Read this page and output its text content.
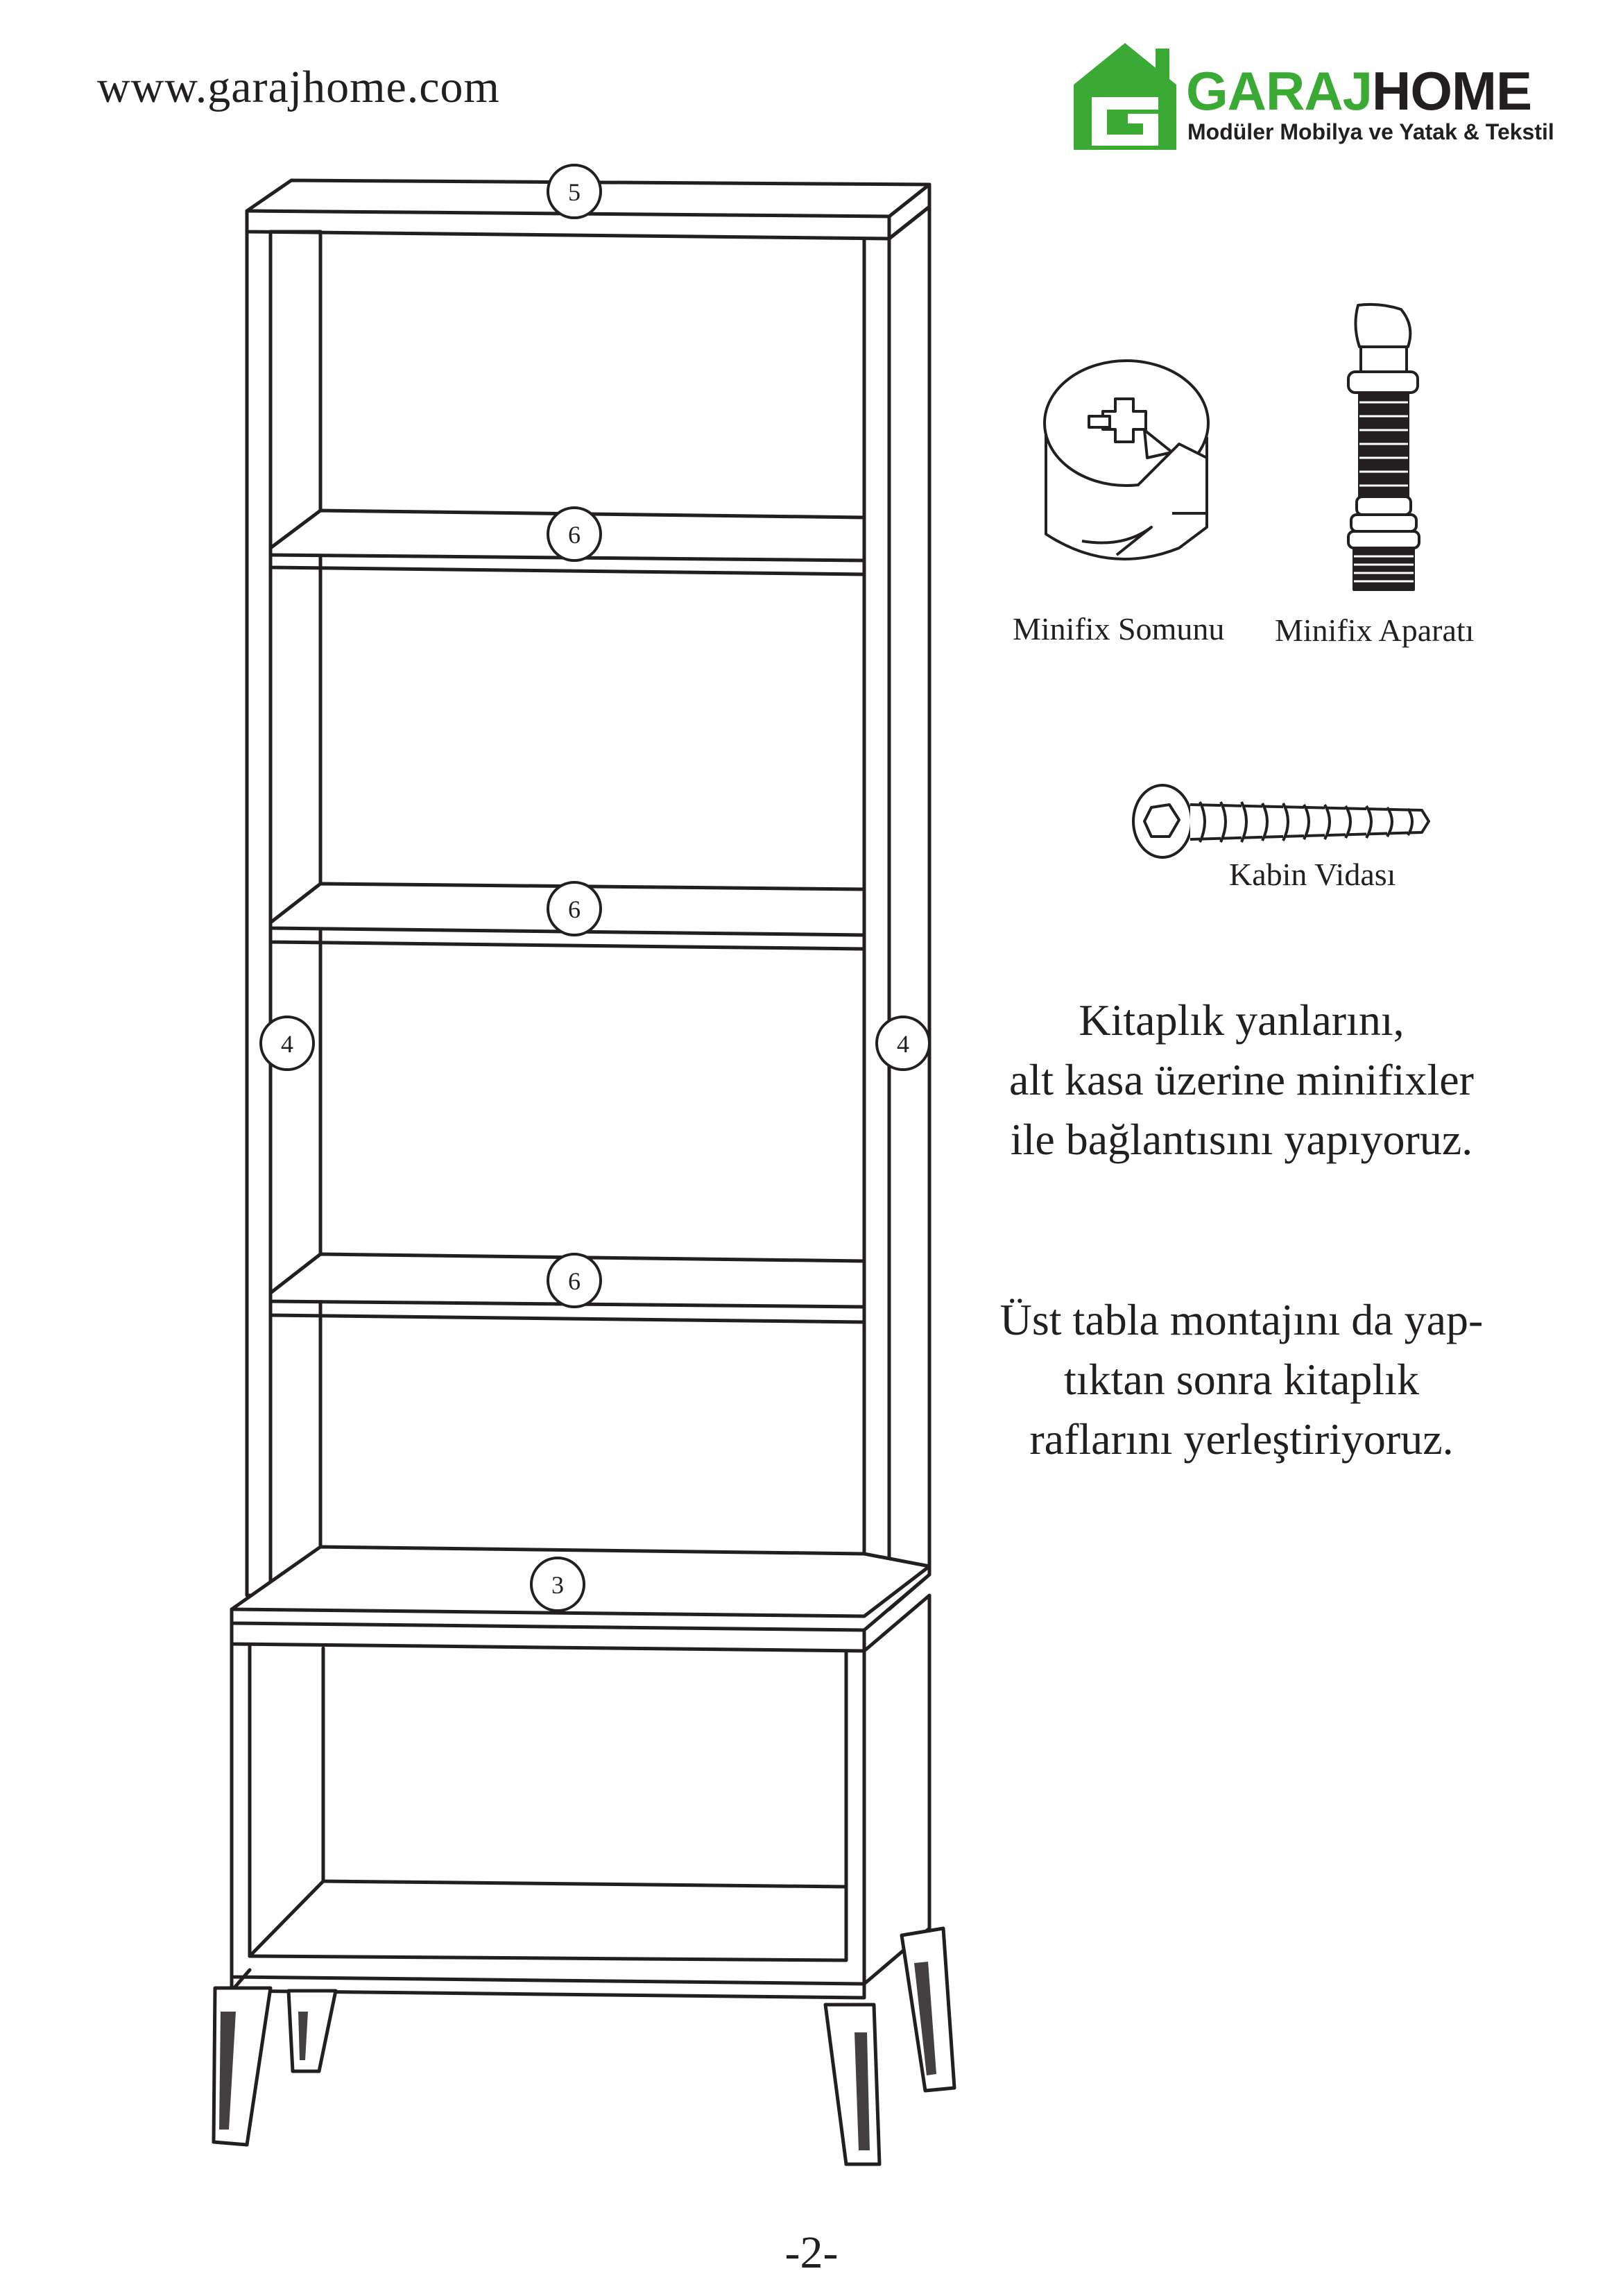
www.garajhome.com	GARAJHOME
Modüler Mobilya ve Yatak & Tekstil
5
6
6
6
4	4
3
Minifix Somunu Minifix Aparatı
Kabin Vidası
Kitaplık yanlarını,
alt kasa üzerine minifixler
ile bağlantısını yapıyoruz.
Üst tabla montajını da yap-
tıktan sonra kitaplık
raflarını yerleştiriyoruz.
-2-
